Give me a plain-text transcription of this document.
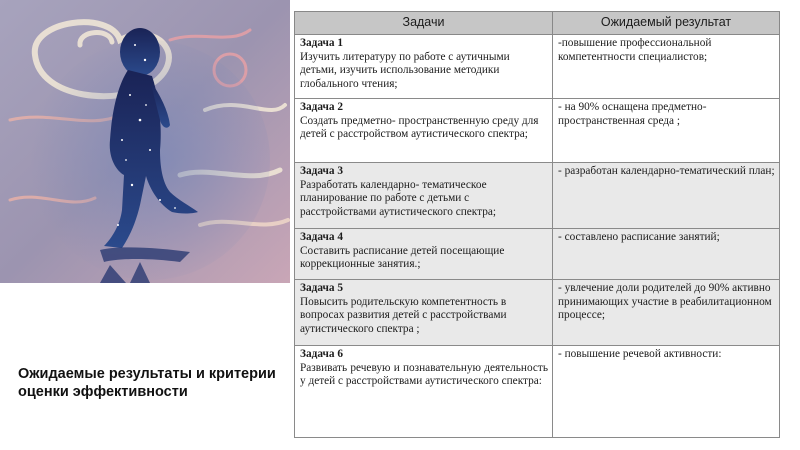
Ожидаемые результаты и критерии оценки эффективности
Задачи	Ожидаемый результат

Задача 1
Изучить литературу по работе с аутичными детьми, изучить использование методики глобального чтения;	-повышение профессиональной компетентности специалистов;

Задача 2
Создать предметно- пространственную среду для детей с расстройством аутистического спектра;	- на 90% оснащена предметно-пространственная среда ;

Задача 3
Разработать календарно- тематическое планирование по работе с детьми с расстройствами аутистического спектра;	- разработан календарно-тематический план;

Задача 4
Составить расписание детей посещающие коррекционные занятия.;	- составлено расписание занятий;

Задача 5
Повысить родительскую компетентность в вопросах развития детей с расстройствами аутистического спектра ;	- увлечение доли родителей до 90% активно принимающих участие в реабилитационном процессе;

Задача 6
Развивать речевую и познавательную деятельность у детей с расстройствами аутистического спектра:	- повышение речевой активности:
